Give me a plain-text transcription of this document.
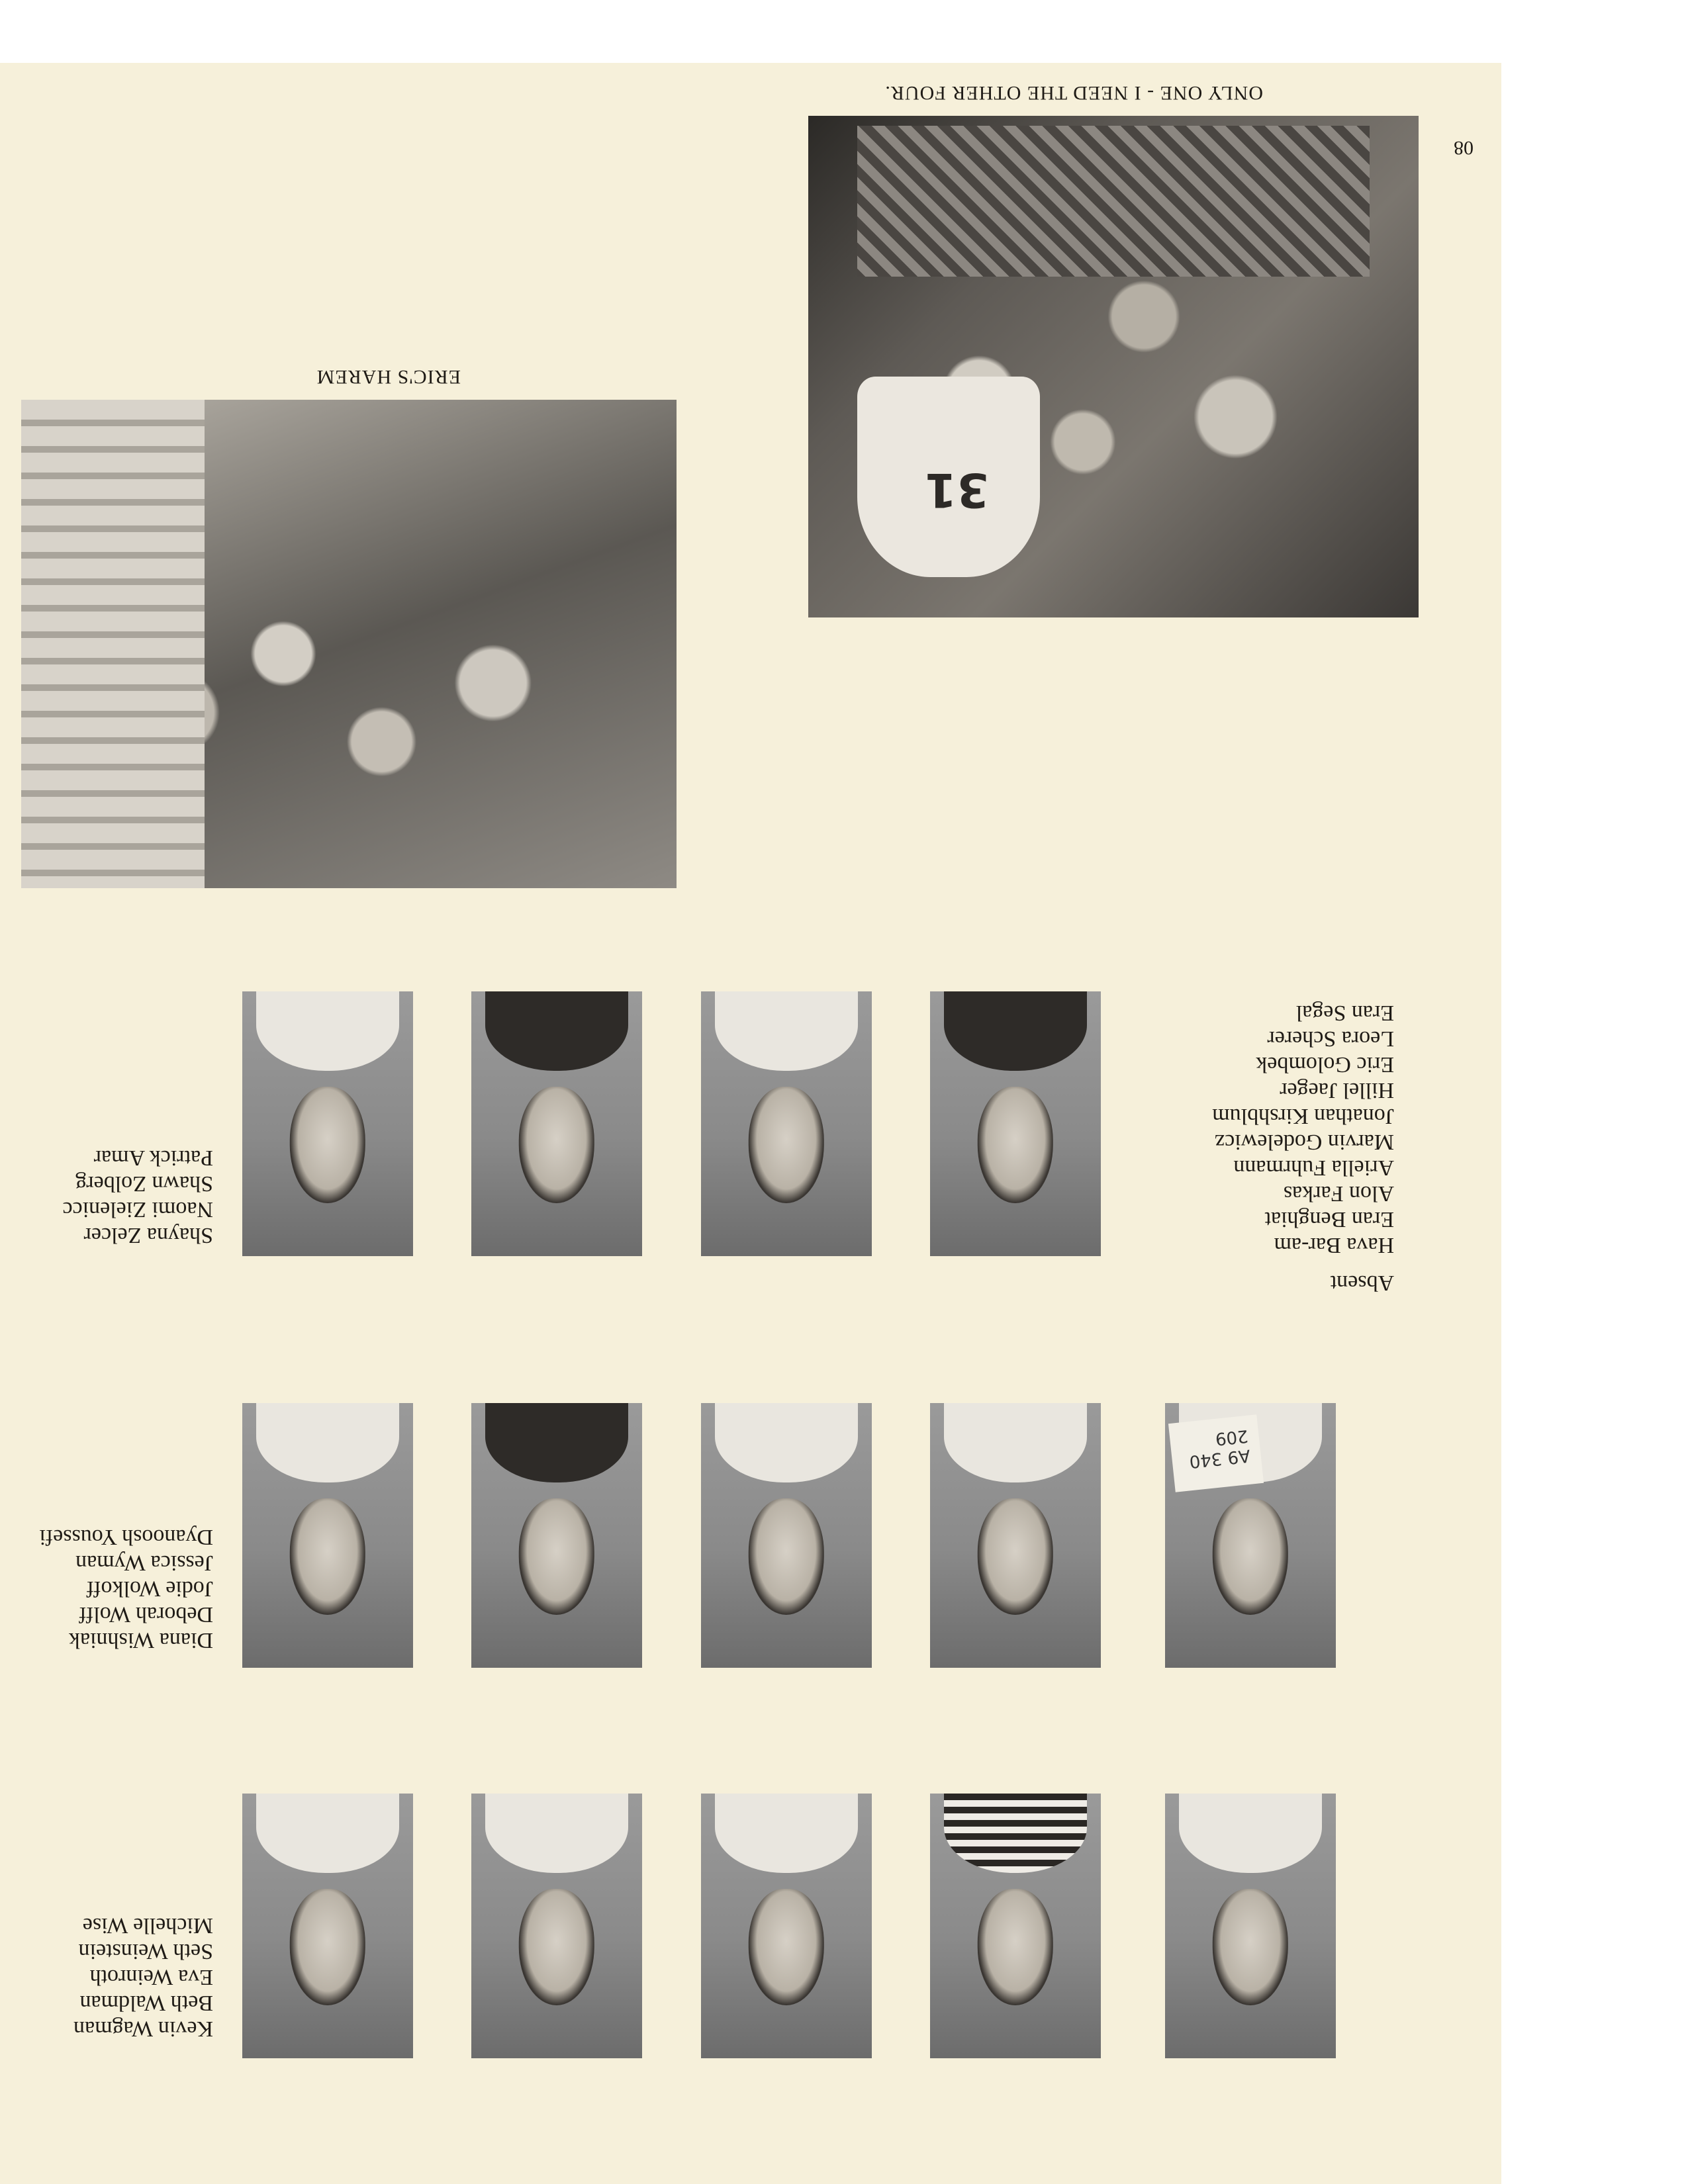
08
31
ONLY ONE - I NEED THE OTHER FOUR.
ERIC'S HAREM
Absent
Hava Bar-am
Eran Benghiat
Alon Farkas
Ariella Fuhrmann
Marvin Godelewicz
Jonathan Kirshblum
Hillel Jaeger
Eric Golombek
Leora Scherer
Eran Segal
Shayna Zelcer
Naomi Zielenicc
Shawn Zolberg
Patrick Amar
A9 340 209
Diana Wishniak
Deborah Wolff
Jodie Wolkoff
Jessica Wyman
Dyanoosh Youssefi
Kevin Wagman
Beth Waldman
Eva Weinroth
Seth Weinstein
Michelle Wise
